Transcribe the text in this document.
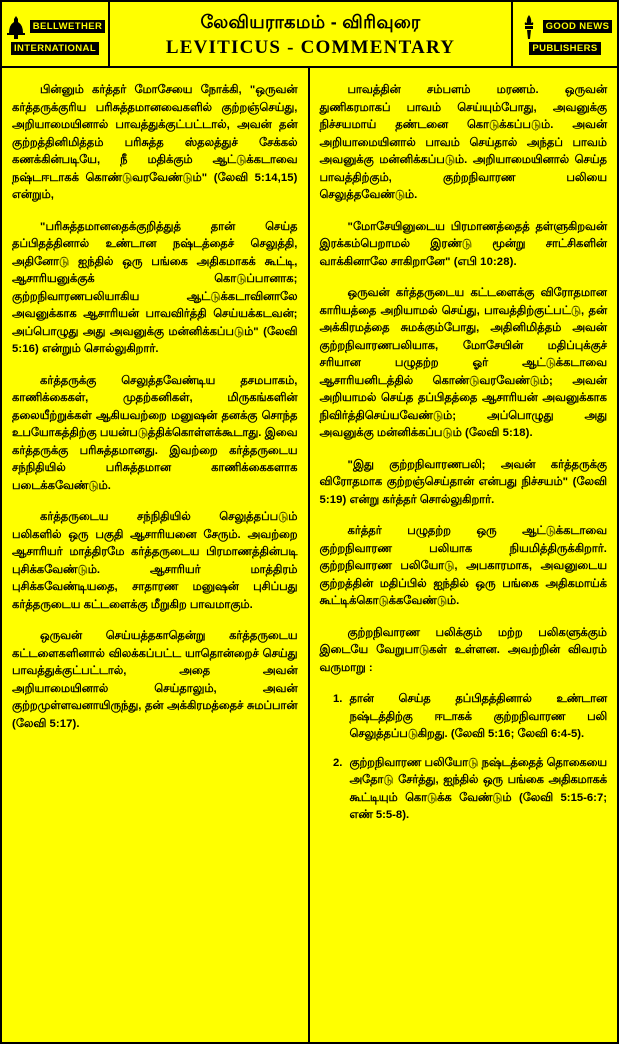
BELLWETHER
INTERNATIONAL
லேவியராகமம் - விரிவுரை
LEVITICUS - COMMENTARY
GOOD NEWS
PUBLISHERS

பின்னும் கர்த்தர் மோசேயை நோக்கி, "ஒருவன் கர்த்தருக்குரிய பரிசுத்தமானவைகளில் குற்றஞ்செய்து, அறியாமையினால் பாவத்துக்குட்பட்டால், அவன் தன் குற்றத்தினிமித்தம் பரிசுத்த ஸ்தலத்துச் சேக்கல் கணக்கின்படியே, நீ மதிக்கும் ஆட்டுக்கடாவை நஷ்டஈடாகக் கொண்டுவரவேண்டும்" (லேவி 5:14,15) என்றும்,

"பரிசுத்தமானதைக்குறித்துத் தான் செய்த தப்பிதத்தினால் உண்டான நஷ்டத்தைச் செலுத்தி, அதினோடு ஐந்தில் ஒரு பங்கை அதிகமாகக் கூட்டி, ஆசாரியனுக்குக் கொடுப்பானாக; குற்றநிவாரணபலியாகிய ஆட்டுக்கடாவினாலே அவனுக்காக ஆசாரியன் பாவவிர்த்தி செய்யக்கடவன்; அப்பொழுது அது அவனுக்கு மன்னிக்கப்படும்" (லேவி 5:16) என்றும் சொல்லுகிறார்.

கர்த்தருக்கு செலுத்தவேண்டிய தசமபாகம், காணிக்கைகள், முதற்கனிகள், மிருகங்களின் தலையீற்றுக்கள் ஆகியவற்றை மனுஷன் தனக்கு சொந்த உபயோகத்திற்கு பயன்படுத்திக்கொள்ளக்கூடாது. இவை கர்த்தருக்கு பரிசுத்தமானது. இவற்றை கர்த்தருடைய சந்நிதியில் பரிசுத்தமான காணிக்கைகளாக படைக்கவேண்டும்.

கர்த்தருடைய சந்நிதியில் செலுத்தப்படும் பலிகளில் ஒரு பகுதி ஆசாரியனை சேரும். அவற்றை ஆசாரியர் மாத்திரமே கர்த்தருடைய பிரமாணத்தின்படி புசிக்கவேண்டும். ஆசாரியர் மாத்திரம் புசிக்கவேண்டியதை, சாதாரண மனுஷன் புசிப்பது கர்த்தருடைய கட்டளைக்கு மீறுகிற பாவமாகும்.

ஒருவன் செய்யத்தகாதென்று கர்த்தருடைய கட்டளைகளினால் விலக்கப்பட்ட யாதொன்றைச் செய்து பாவத்துக்குட்பட்டால், அதை அவன் அறியாமையினால் செய்தாலும், அவன் குற்றமுள்ளவனாயிருந்து, தன் அக்கிரமத்தைச் சுமப்பான் (லேவி 5:17).

பாவத்தின் சம்பளம் மரணம். ஒருவன் துணிகரமாகப் பாவம் செய்யும்போது, அவனுக்கு நிச்சயமாய் தண்டனை கொடுக்கப்படும். அவன் அறியாமையினால் பாவம் செய்தால் அந்தப் பாவம் அவனுக்கு மன்னிக்கப்படும். அறியாமையினால் செய்த பாவத்திற்கும், குற்றநிவாரண பலியை செலுத்தவேண்டும்.

"மோசேயினுடைய பிரமாணத்தைத் தள்ளுகிறவன் இரக்கம்பெறாமல் இரண்டு மூன்று சாட்சிகளின் வாக்கினாலே சாகிறானே" (எபி 10:28).

ஒருவன் கர்த்தருடைய கட்டளைக்கு விரோதமான காரியத்தை அறியாமல் செய்து, பாவத்திற்குட்பட்டு, தன் அக்கிரமத்தை சுமக்கும்போது, அதினிமித்தம் அவன் குற்றநிவாரணபலியாக, மோசேயின் மதிப்புக்குச் சரியான பழுதற்ற ஓர் ஆட்டுக்கடாவை ஆசாரியனிடத்தில் கொண்டுவரவேண்டும்; அவன் அறியாமல் செய்த தப்பிதத்தை ஆசாரியன் அவனுக்காக நிவிர்த்திசெய்யவேண்டும்; அப்பொழுது அது அவனுக்கு மன்னிக்கப்படும் (லேவி 5:18).

"இது குற்றநிவாரணபலி; அவன் கர்த்தருக்கு விரோதமாக குற்றஞ்செய்தான் என்பது நிச்சயம்" (லேவி 5:19) என்று கர்த்தர் சொல்லுகிறார்.

கர்த்தர் பழுதற்ற ஒரு ஆட்டுக்கடாவை குற்றநிவாரண பலியாக நியமித்திருக்கிறார். குற்றநிவாரண பலியோடு, அபகாரமாக, அவனுடைய குற்றத்தின் மதிப்பில் ஐந்தில் ஒரு பங்கை அதிகமாய்க் கூட்டிக்கொடுக்கவேண்டும்.

குற்றநிவாரண பலிக்கும் மற்ற பலிகளுக்கும் இடையே வேறுபாடுகள் உள்ளன. அவற்றின் விவரம் வருமாறு :

1. தான் செய்த தப்பிதத்தினால் உண்டான நஷ்டத்திற்கு ஈடாகக் குற்றநிவாரண பலி செலுத்தப்படுகிறது. (லேவி 5:16; லேவி 6:4-5).
2. குற்றநிவாரண பலியோடு நஷ்டத்தைத் தொகையை அதோடு சேர்த்து, ஐந்தில் ஒரு பங்கை அதிகமாகக் கூட்டியும் கொடுக்க வேண்டும் (லேவி 5:15-6:7; எண் 5:5-8).
